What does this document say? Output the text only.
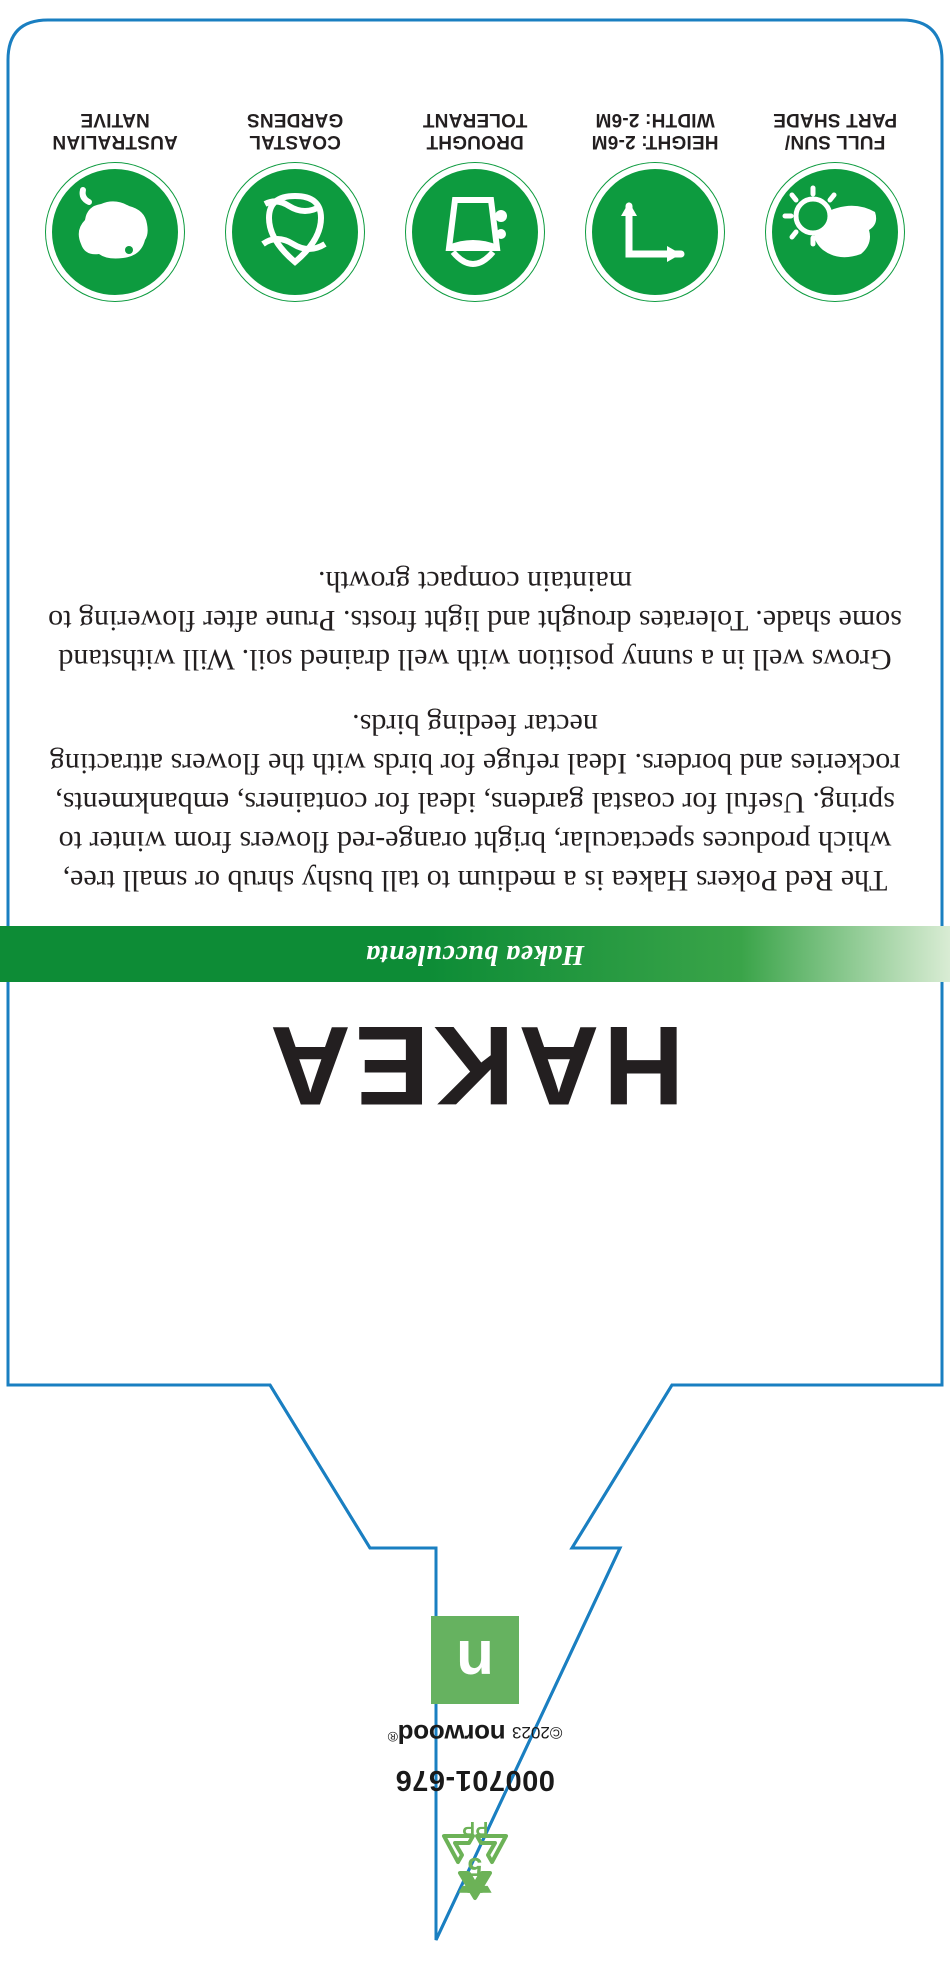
5
PP
000701-676
©2023 norwood®
n
FULL SUN/
PART SHADE
HEIGHT: 2-6M
WIDTH: 2-6M
DROUGHT
TOLERANT
COASTAL
GARDENS
AUSTRALIAN
NATIVE
HAKEA
Hakea bucculenta

The Red Pokers Hakea is a medium to tall bushy shrub or small tree, which produces spectacular, bright orange-red flowers from winter to spring. Useful for coastal gardens, ideal for containers, embankments, rockeries and borders. Ideal refuge for birds with the flowers attracting nectar feeding birds.

Grows well in a sunny position with well drained soil. Will withstand some shade. Tolerates drought and light frosts. Prune after flowering to maintain compact growth.
